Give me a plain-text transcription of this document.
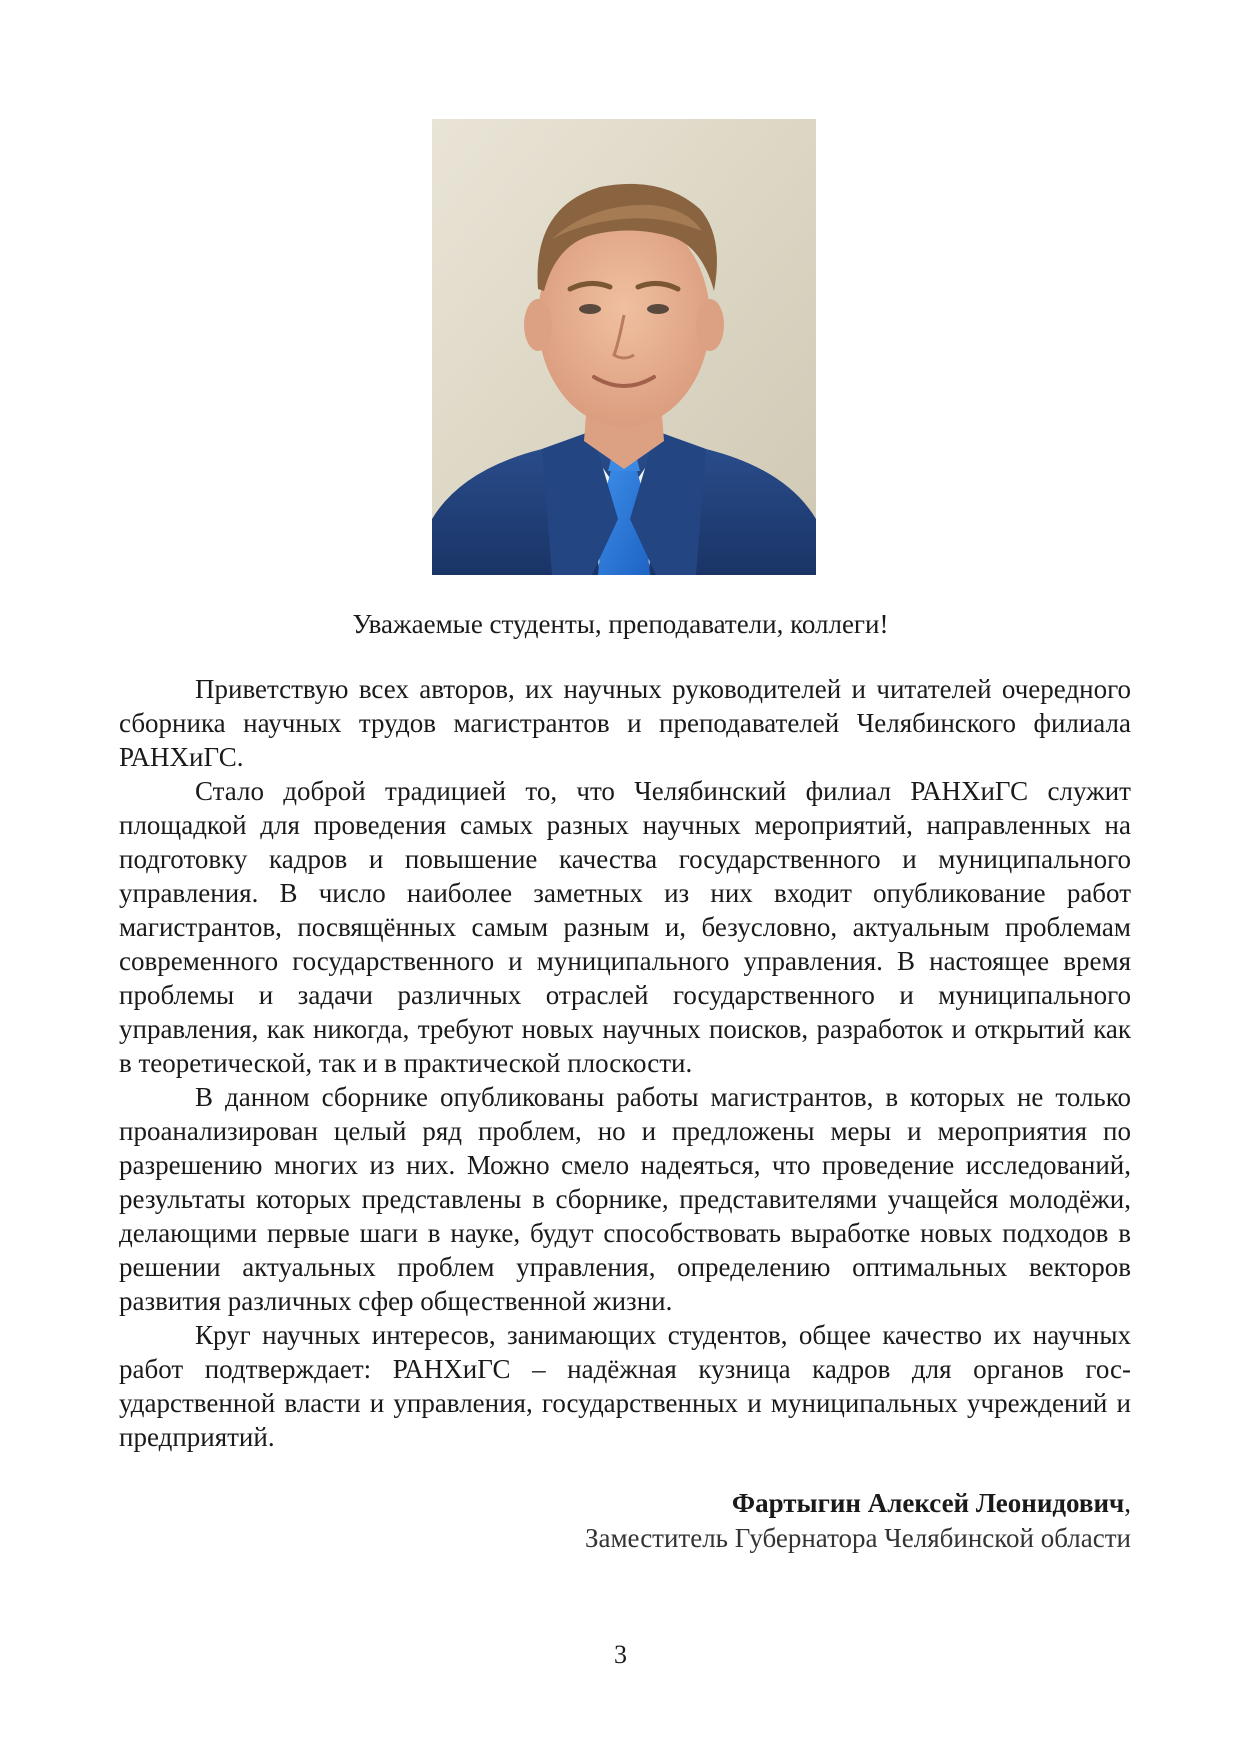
Уважаемые студенты, преподаватели, коллеги!

Приветствую всех авторов, их научных руководителей и читателей очередного сборника научных трудов магистрантов и преподавателей Челябинского филиала РАНХиГС.

Стало доброй традицией то, что Челябинский филиал РАНХиГС служит площадкой для проведения самых разных научных мероприятий, направленных на подготовку кадров и повышение качества государственного и муниципального управления. В число наиболее заметных из них входит опубликование работ магистрантов, посвящённых самым разным и, безусловно, актуальным проблемам современного государственного и муниципального управления. В настоящее время проблемы и задачи различных отраслей государственного и муниципального управления, как никогда, требуют новых научных поисков, разработок и открытий как в теоретической, так и в практической плоскости.

В данном сборнике опубликованы работы магистрантов, в которых не только проанализирован целый ряд проблем, но и предложены меры и мероприятия по разрешению многих из них. Можно смело надеяться, что проведение исследований, результаты которых представлены в сборнике, представителями учащейся молодёжи, делающими первые шаги в науке, будут способствовать выработке новых подходов в решении актуальных проблем управления, определению оптимальных векторов развития различных сфер общественной жизни.

Круг научных интересов, занимающих студентов, общее качество их научных работ подтверждает: РАНХиГС – надёжная кузница кадров для органов государственной власти и управления, государственных и муниципальных учреждений и предприятий.

Фартыгин Алексей Леонидович,
Заместитель Губернатора Челябинской области
3
